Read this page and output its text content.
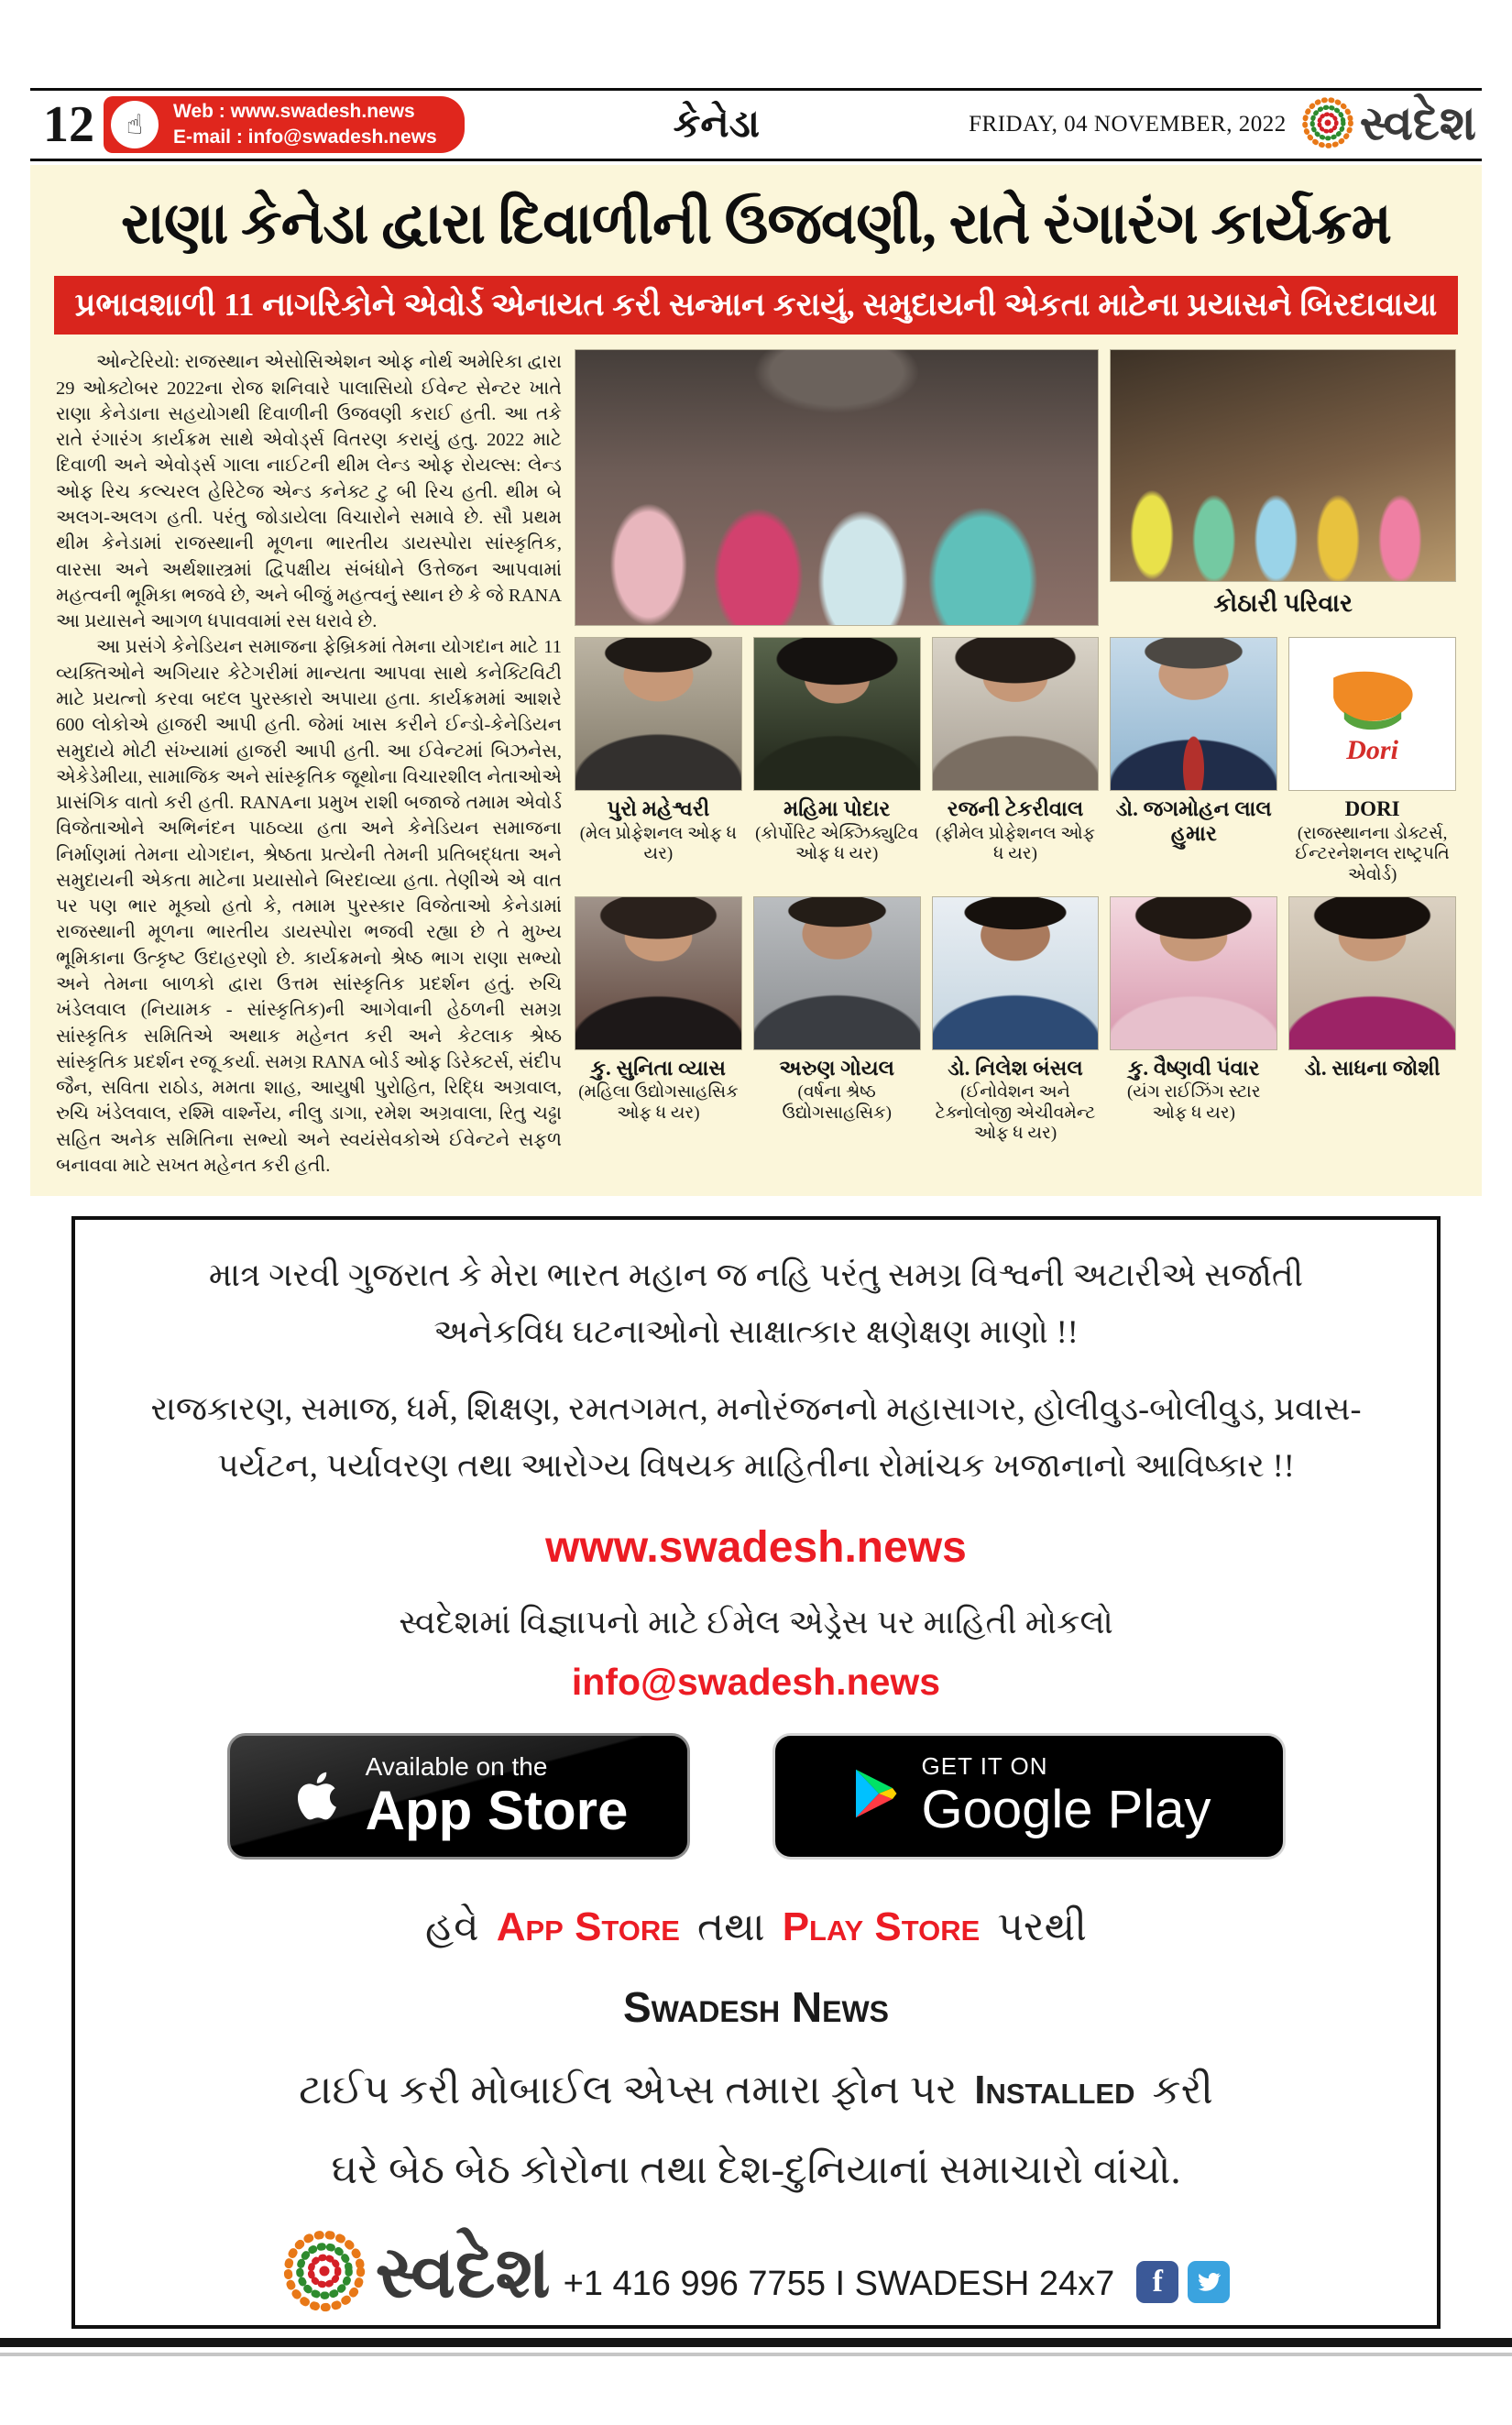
12	☝	Web : www.swadesh.news
E-mail : info@swadesh.news	કેનેડા	FRIDAY, 04 NOVEMBER, 2022 સ્વદેશ
રાણા કેનેડા દ્વારા દિવાળીની ઉજવણી, રાતે રંગારંગ કાર્યક્રમ
પ્રભાવશાળી 11 નાગરિકોને એવોર્ડ એનાયત કરી સન્માન કરાયું, સમુદાયની એકતા માટેના પ્રયાસને બિરદાવાયા

ઓન્ટેરિયો: રાજસ્થાન એસોસિએશન ઓફ નોર્થ અમેરિકા દ્વારા 29 ઓક્ટોબર 2022ના રોજ શનિવારે પાલાસિયો ઈવેન્ટ સેન્ટર ખાતે રાણા કેનેડાના સહયોગથી દિવાળીની ઉજવણી કરાઈ હતી. આ તકે રાતે રંગારંગ કાર્યક્રમ સાથે એવોર્ડ્સ વિતરણ કરાયું હતુ. 2022 માટે દિવાળી અને એવોર્ડ્સ ગાલા નાઈટની થીમ લેન્ડ ઓફ રોયલ્સ: લેન્ડ ઓફ રિચ કલ્ચરલ હેરિટેજ એન્ડ કનેક્ટ ટુ બી રિચ હતી. થીમ બે અલગ-અલગ હતી. પરંતુ જોડાયેલા વિચારોને સમાવે છે. સૌ પ્રથમ થીમ કેનેડામાં રાજસ્થાની મૂળના ભારતીય ડાયસ્પોરા સાંસ્કૃતિક, વારસા અને અર્થશાસ્ત્રમાં દ્વિપક્ષીય સંબંધોને ઉત્તેજન આપવામાં મહત્વની ભૂમિકા ભજવે છે, અને બીજું મહત્વનું સ્થાન છે કે જે RANA આ પ્રયાસને આગળ ધપાવવામાં રસ ધરાવે છે.

આ પ્રસંગે કેનેડિયન સમાજના ફેબ્રિકમાં તેમના યોગદાન માટે 11 વ્યક્તિઓને અગિયાર કેટેગરીમાં માન્યતા આપવા સાથે કનેક્ટિવિટી માટે પ્રયત્નો કરવા બદલ પુરસ્કારો અપાયા હતા. કાર્યક્રમમાં આશરે 600 લોકોએ હાજરી આપી હતી. જેમાં ખાસ કરીને ઈન્ડો-કેનેડિયન સમુદાયે મોટી સંખ્યામાં હાજરી આપી હતી. આ ઈવેન્ટમાં બિઝનેસ, એકેડેમીયા, સામાજિક અને સાંસ્કૃતિક જૂથોના વિચારશીલ નેતાઓએ પ્રાસંગિક વાતો કરી હતી. RANAના પ્રમુખ રાશી બજાજે તમામ એવોર્ડ વિજેતાઓને અભિનંદન પાઠવ્યા હતા અને કેનેડિયન સમાજના નિર્માણમાં તેમના યોગદાન, શ્રેષ્ઠતા પ્રત્યેની તેમની પ્રતિબદ્ધતા અને સમુદાયની એકતા માટેના પ્રયાસોને બિરદાવ્યા હતા. તેણીએ એ વાત પર પણ ભાર મૂક્યો હતો કે, તમામ પુરસ્કાર વિજેતાઓ કેનેડામાં રાજસ્થાની મૂળના ભારતીય ડાયસ્પોરા ભજવી રહ્યા છે તે મુખ્ય ભૂમિકાના ઉત્કૃષ્ટ ઉદાહરણો છે. કાર્યક્રમનો શ્રેષ્ઠ ભાગ રાણા સભ્યો અને તેમના બાળકો દ્વારા ઉત્તમ સાંસ્કૃતિક પ્રદર્શન હતું. રુચિ ખંડેલવાલ (નિયામક - સાંસ્કૃતિક)ની આગેવાની હેઠળની સમગ્ર સાંસ્કૃતિક સમિતિએ અથાક મહેનત કરી અને કેટલાક શ્રેષ્ઠ સાંસ્કૃતિક પ્રદર્શન રજૂ કર્યા. સમગ્ર RANA બોર્ડ ઓફ ડિરેક્ટર્સ, સંદીપ જૈન, સવિતા રાઠોડ, મમતા શાહ, આયુષી પુરોહિત, રિદ્ધિ અગ્રવાલ, રુચિ ખંડેલવાલ, રશ્મિ વાર્શ્નેય, નીલુ ડાગા, રમેશ અગ્રવાલા, રિતુ ચઢ્ઢા સહિત અનેક સમિતિના સભ્યો અને સ્વયંસેવકોએ ઈવેન્ટને સફળ બનાવવા માટે સખત મહેનત કરી હતી.

કોઠારી પરિવાર
પુરો મહેશ્વરી
(મેલ પ્રોફેશનલ ઓફ ધ યર)
મહિમા પોદાર
(કોર્પોરિટ એક્ઝિક્યુટિવ ઓફ ધ યર)
રજની ટેકરીવાલ
(ફીમેલ પ્રોફેશનલ ઓફ ધ યર)
ડો. જગમોહન લાલ હુમાર
Dori
DORI
(રાજસ્થાનના ડોક્ટર્સ, ઈન્ટરનેશનલ રાષ્ટ્રપતિ એવોર્ડ)
કુ. સુનિતા વ્યાસ
(મહિલા ઉદ્યોગસાહસિક ઓફ ધ યર)
અરુણ ગોયલ
(વર્ષના શ્રેષ્ઠ ઉદ્યોગસાહસિક)
ડો. નિલેશ બંસલ
(ઈનોવેશન અને ટેક્નોલોજી એચીવમેન્ટ ઓફ ધ યર)
કુ. વૈષ્ણવી પંવાર
(યંગ રાઈઝિંગ સ્ટાર ઓફ ધ યર)
ડો. સાધના જોશી
માત્ર ગરવી ગુજરાત કે મેરા ભારત મહાન જ નહિ પરંતુ સમગ્ર વિશ્વની અટારીએ સર્જાતી અનેકવિધ ઘટનાઓનો સાક્ષાત્કાર ક્ષણેક્ષણ માણો !!
રાજકારણ, સમાજ, ધર્મ, શિક્ષણ, રમતગમત, મનોરંજનનો મહાસાગર, હોલીવુડ-બોલીવુડ, પ્રવાસ-પર્યટન, પર્યાવરણ તથા આરોગ્ય વિષયક માહિતીના રોમાંચક ખજાનાનો આવિષ્કાર !!
www.swadesh.news
સ્વદેશમાં વિજ્ઞાપનો માટે ઈમેલ એડ્રેસ પર માહિતી મોકલો
info@swadesh.news
Available on the
App Store
GET IT ON
Google Play
હવે App Store તથા Play Store પરથી
Swadesh News
ટાઈપ કરી મોબાઈલ એપ્સ તમારા ફોન પર Installed કરી
ઘરે બેઠ બેઠ કોરોના તથા દેશ-દુનિયાનાં સમાચારો વાંચો.
સ્વદેશ +1 416 996 7755 I SWADESH 24x7	f
